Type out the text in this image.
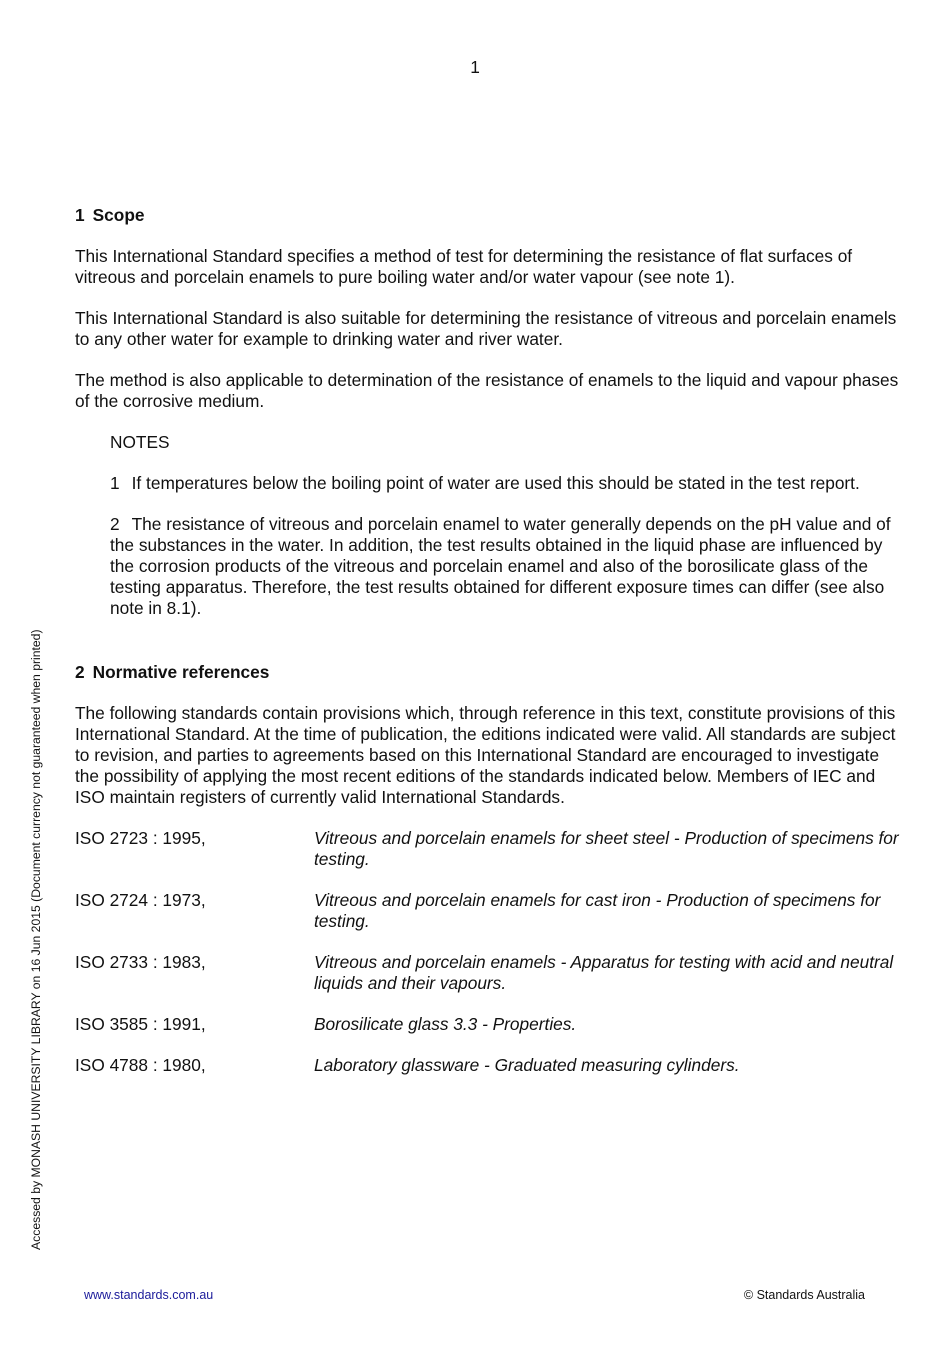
1
1 Scope

This International Standard specifies a method of test for determining the resistance of flat surfaces of vitreous and porcelain enamels to pure boiling water and/or water vapour (see note 1).

This International Standard is also suitable for determining the resistance of vitreous and porcelain enamels to any other water for example to drinking water and river water.

The method is also applicable to determination of the resistance of enamels to the liquid and vapour phases of the corrosive medium.

NOTES

1 If temperatures below the boiling point of water are used this should be stated in the test report.

2 The resistance of vitreous and porcelain enamel to water generally depends on the pH value and of the substances in the water. In addition, the test results obtained in the liquid phase are influenced by the corrosion products of the vitreous and porcelain enamel and also of the borosilicate glass of the testing apparatus. Therefore, the test results obtained for different exposure times can differ (see also note in 8.1).

2 Normative references

The following standards contain provisions which, through reference in this text, constitute provisions of this International Standard. At the time of publication, the editions indicated were valid. All standards are subject to revision, and parties to agreements based on this International Standard are encouraged to investigate the possibility of applying the most recent editions of the standards indicated below. Members of IEC and ISO maintain registers of currently valid International Standards.

ISO 2723 : 1995,	Vitreous and porcelain enamels for sheet steel - Production of specimens for testing.
ISO 2724 : 1973,	Vitreous and porcelain enamels for cast iron - Production of specimens for testing.
ISO 2733 : 1983,	Vitreous and porcelain enamels - Apparatus for testing with acid and neutral liquids and their vapours.
ISO 3585 : 1991,	Borosilicate glass 3.3 - Properties.
ISO 4788 : 1980,	Laboratory glassware - Graduated measuring cylinders.
Accessed by MONASH UNIVERSITY LIBRARY on 16 Jun 2015 (Document currency not guaranteed when printed)
www.standards.com.au	© Standards Australia
